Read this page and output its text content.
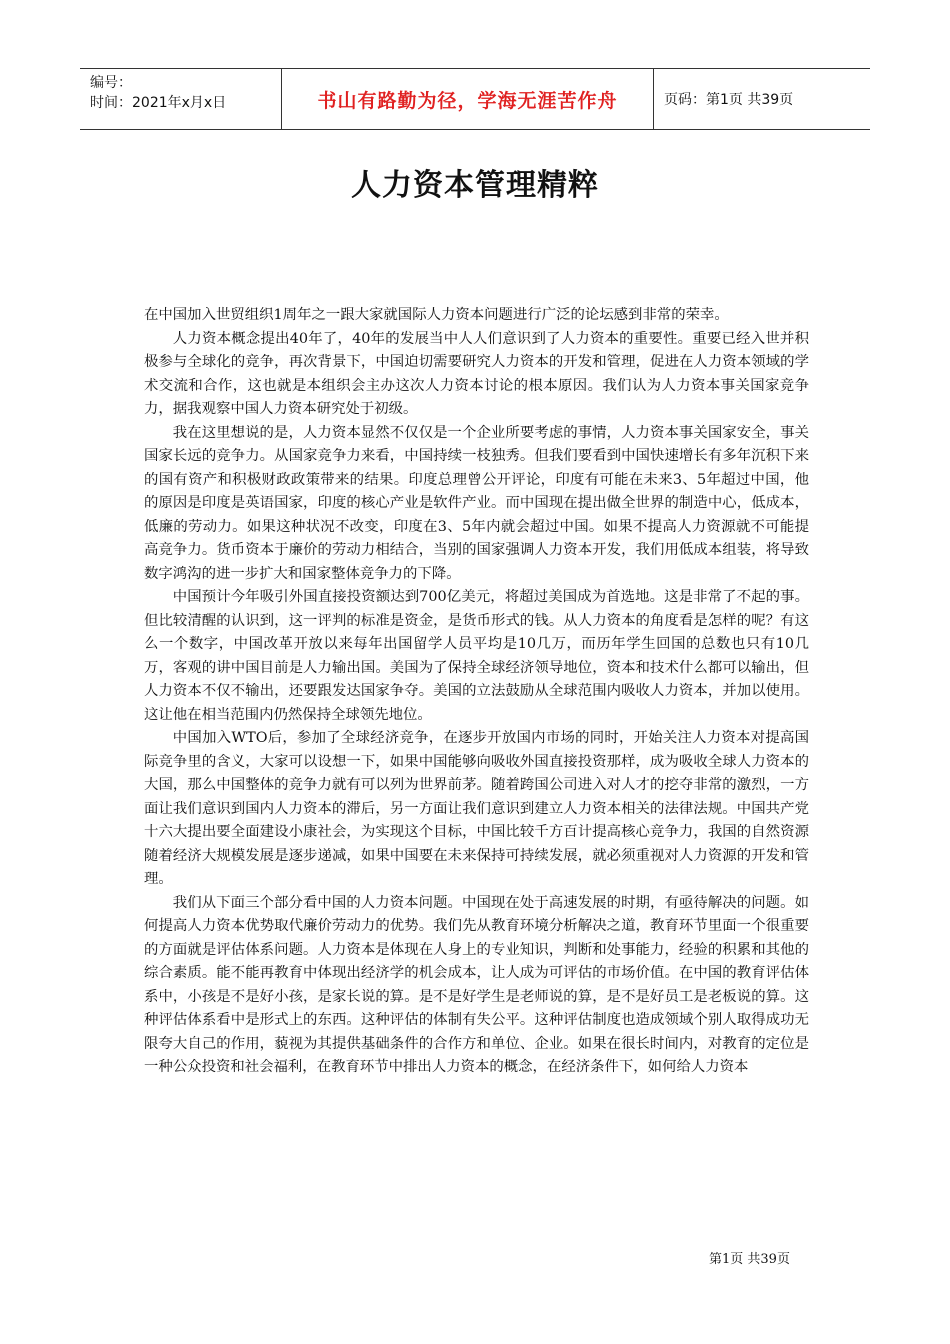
编号：
时间：2021年x月x日	书山有路勤为径，学海无涯苦作舟	页码：第1页 共39页
人力资本管理精粹

在中国加入世贸组织1周年之一跟大家就国际人力资本问题进行广泛的论坛感到非常的荣幸。

人力资本概念提出40年了，40年的发展当中人人们意识到了人力资本的重要性。重要已经入世并积极参与全球化的竞争，再次背景下，中国迫切需要研究人力资本的开发和管理，促进在人力资本领域的学术交流和合作，这也就是本组织会主办这次人力资本讨论的根本原因。我们认为人力资本事关国家竞争力，据我观察中国人力资本研究处于初级。

我在这里想说的是，人力资本显然不仅仅是一个企业所要考虑的事情，人力资本事关国家安全，事关国家长远的竞争力。从国家竞争力来看，中国持续一枝独秀。但我们要看到中国快速增长有多年沉积下来的国有资产和积极财政政策带来的结果。印度总理曾公开评论，印度有可能在未来3、5年超过中国，他的原因是印度是英语国家，印度的核心产业是软件产业。而中国现在提出做全世界的制造中心，低成本，低廉的劳动力。如果这种状况不改变，印度在3、5年内就会超过中国。如果不提高人力资源就不可能提高竞争力。货币资本于廉价的劳动力相结合，当别的国家强调人力资本开发，我们用低成本组装，将导致数字鸿沟的进一步扩大和国家整体竞争力的下降。

中国预计今年吸引外国直接投资额达到700亿美元，将超过美国成为首选地。这是非常了不起的事。但比较清醒的认识到，这一评判的标准是资金，是货币形式的钱。从人力资本的角度看是怎样的呢？有这么一个数字，中国改革开放以来每年出国留学人员平均是10几万，而历年学生回国的总数也只有10几万，客观的讲中国目前是人力输出国。美国为了保持全球经济领导地位，资本和技术什么都可以输出，但人力资本不仅不输出，还要跟发达国家争夺。美国的立法鼓励从全球范围内吸收人力资本，并加以使用。这让他在相当范围内仍然保持全球领先地位。

中国加入WTO后，参加了全球经济竞争，在逐步开放国内市场的同时，开始关注人力资本对提高国际竞争里的含义，大家可以设想一下，如果中国能够向吸收外国直接投资那样，成为吸收全球人力资本的大国，那么中国整体的竞争力就有可以列为世界前茅。随着跨国公司进入对人才的挖夺非常的激烈，一方面让我们意识到国内人力资本的滞后，另一方面让我们意识到建立人力资本相关的法律法规。中国共产党十六大提出要全面建设小康社会，为实现这个目标，中国比较千方百计提高核心竞争力，我国的自然资源随着经济大规模发展是逐步递减，如果中国要在未来保持可持续发展，就必须重视对人力资源的开发和管理。

我们从下面三个部分看中国的人力资本问题。中国现在处于高速发展的时期，有亟待解决的问题。如何提高人力资本优势取代廉价劳动力的优势。我们先从教育环境分析解决之道，教育环节里面一个很重要的方面就是评估体系问题。人力资本是体现在人身上的专业知识，判断和处事能力，经验的积累和其他的综合素质。能不能再教育中体现出经济学的机会成本，让人成为可评估的市场价值。在中国的教育评估体系中，小孩是不是好小孩，是家长说的算。是不是好学生是老师说的算，是不是好员工是老板说的算。这种评估体系看中是形式上的东西。这种评估的体制有失公平。这种评估制度也造成领域个别人取得成功无限夸大自己的作用，藐视为其提供基础条件的合作方和单位、企业。如果在很长时间内，对教育的定位是一种公众投资和社会福利，在教育环节中排出人力资本的概念，在经济条件下，如何给人力资本

第1页 共39页
